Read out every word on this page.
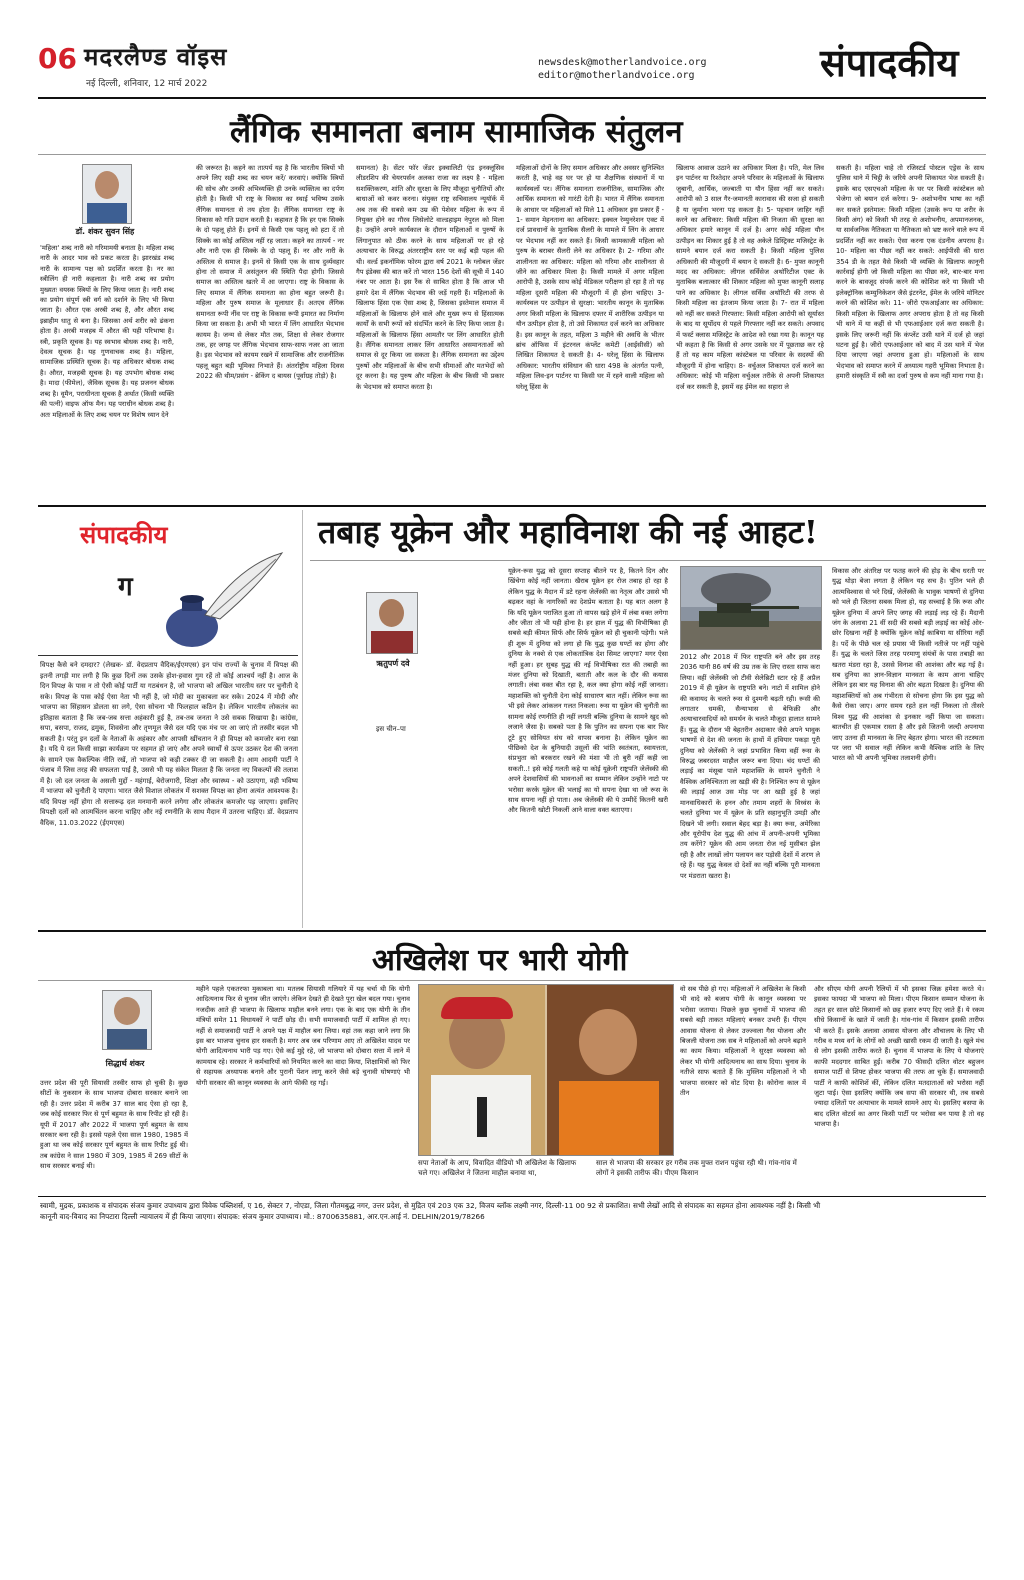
06 मदरलैण्ड वॉइस
नई दिल्ली, शनिवार, 12 मार्च 2022
newsdesk@motherlandvoice.org
editor@motherlandvoice.org	संपादकीय
लैंगिक समानता बनाम सामाजिक संतुलन
डॉ. शंकर सुवन सिंह
'महिला' शब्द नारी को गरिमामयी बनाता है। महिला शब्द नारी के आदर भाव को प्रकट करता है। झारखंड शब्द नारी के सामान्य पक्ष को प्रदर्शित करता है। नर का स्त्रीलिंग ही नारी कहलाता है। नारी शब्द का प्रयोग मुख्यतः वयस्क स्त्रियों के लिए किया जाता है। नारी शब्द का प्रयोग संपूर्ण स्त्री वर्ग को दर्शाने के लिए भी किया जाता है। औरत एक अरबी शब्द है, और औरत शब्द इब्राहीम धातु से बना है। जिसका अर्थ शरीर को ढंकना होता है। अरबी मजहब में औरत की यही परिभाषा है। स्त्री, प्रकृति सूचक है। यह स्वभाव बोधक शब्द है। नारी, देवत्व सूचक है। यह गुणवाचक शब्द है। महिला, सामाजिक प्रस्थिति सूचक है। यह अधिकार बोधक शब्द है। औरत, मजहबी सूचक है। यह उपभोग बोधक शब्द है। मादा (फीमेल), जैविक सूचक है। यह प्रजनन बोधक शब्द है। वूमैन, पराधीनता सूचक है अर्थात (किसी व्यक्ति की पत्नी) वाइफ ऑफ मैन। यह पराधीन बोधक शब्द है। अतः महिलाओं के लिए शब्द चयन पर विशेष ध्यान देने
की जरूरत है। कहने का तात्पर्य यह है कि भारतीय स्त्रियों भी अपने लिए सही शब्द का चयन करें/ करवाएं। क्योंकि स्त्रियों की सोच और उनकी अभिव्यक्ति ही उनके व्यक्तित्व का दर्पण होती है। किसी भी राष्ट्र के विकास का स्थाई भविष्य उसके लैंगिक समानता से तय होता है। लैंगिक समानता राष्ट्र के विकास को गति प्रदान करती है। कहावत है कि हर एक सिक्के के दो पहलू होते हैं। इनमें से किसी एक पहलू को हटा दें तो सिक्के का कोई अस्तित्व नहीं रह जाता। कहने का तात्पर्य - नर और नारी एक ही सिक्के के दो पहलू हैं। नर और नारी के अस्तित्व से समाज है। इनमें से किसी एक के साथ दुर्व्यवहार होना तो समाज में असंतुलन की स्थिति पैदा होगी। जिससे समाज का अस्तित्व खतरे में आ जाएगा। राष्ट्र के विकास के लिए समाज में लैंगिक समानता का होना बहुत जरूरी है। महिला और पुरुष समाज के मूलाधार हैं। अतएव लैंगिक समानता रूपी नींव पर राष्ट्र के विकास रूपी इमारत का निर्माण किया जा सकता है। अभी भी भारत में लिंग आधारित भेदभाव कायम है। जन्म से लेकर मौत तक, शिक्षा से लेकर रोजगार तक, हर जगह पर लैंगिक भेदभाव साफ-साफ नजर आ जाता है। इस भेदभाव को कायम रखने में सामाजिक और राजनीतिक पहलू बहुत बड़ी भूमिका निभाते हैं। अंतर्राष्ट्रीय महिला दिवस 2022 की थीम/प्रसंग - ब्रेकिंग द बायस (पूर्वाग्रह तोड़ो) है।
समानता) है। सेंटर फॉर जेंडर इक्वालिटी एंड इनक्लूसिव लीडरशिप की चेयरपर्सन अलका राजा का लक्ष्य है - महिला सशक्तिकरण, शांति और सुरक्षा के लिए मौजूदा चुनौतियों और बाधाओं को कवर करना। संयुक्त राष्ट्र सचिवालय न्यूयॉर्क में अब तक की सबसे कम उम्र की पेशेवर महिला के रूप में नियुक्त होने का गौरव लिसेलोटे वाल्डहाइम नेपुरल को मिला है। उन्होंने अपने कार्यकाल के दौरान महिलाओं व पुरुषों के लिंगानुपात को ठीक करने के साथ महिलाओं पर हो रहे अत्याचार के विरुद्ध अंतरराष्ट्रीय स्तर पर कई बड़ी पहल की थी। वर्ल्ड इकनॉमिक फोरम द्वारा वर्ष 2021 के ग्लोबल जेंडर गैप इंडेक्स की बात करें तो भारत 156 देशों की सूची में 140 नंबर पर आता है। इस रैंक से साबित होता है कि आज भी हमारे देश में लैंगिक भेदभाव की जड़ें गहरी हैं। महिलाओं के खिलाफ हिंसा एक ऐसा शब्द है, जिसका इस्तेमाल समाज में महिलाओं के खिलाफ होने वाले और मुख्य रूप से हिंसात्मक कार्यों के सभी रूपों को संदर्भित करने के लिए किया जाता है। महिलाओं के खिलाफ हिंसा आमतौर पर लिंग आधारित होती है। लैंगिक समानता लाकर लिंग आधारित असमानताओं को समाज से दूर किया जा सकता है। लैंगिक समानता का उद्देश्य पुरुषों और महिलाओं के बीच सभी सीमाओं और मतभेदों को दूर करना है। यह पुरुष और महिला के बीच किसी भी प्रकार के भेदभाव को समाप्त करता है।
महिलाओं दोनों के लिए समान अधिकार और अवसर सुनिश्चित करती है, चाहे वह घर पर हो या शैक्षणिक संस्थानों में या कार्यस्थलों पर। लैंगिक समानता राजनीतिक, सामाजिक और आर्थिक समानता को गारंटी देती है। भारत में लैंगिक समानता के आधार पर महिलाओं को मिले 11 अधिकार इस प्रकार हैं - 1- समान मेहनताना का अधिकार: इक्वल रेम्युनरेशन एक्ट में दर्ज प्रावधानों के मुताबिक सैलरी के मामले में लिंग के आधार पर भेदभाव नहीं कर सकते हैं। किसी कामकाजी महिला को पुरुष के बराबर सैलरी लेने का अधिकार है। 2- गरिमा और शालीनता का अधिकार: महिला को गरिमा और शालीनता से जीने का अधिकार मिला है। किसी मामले में अगर महिला आरोपी है, उसके साथ कोई मेडिकल परीक्षण हो रहा है तो यह महिला दूसरी महिला की मौजूदगी में ही होना चाहिए। 3- कार्यस्थल पर उत्पीड़न से सुरक्षा: भारतीय कानून के मुताबिक अगर किसी महिला के खिलाफ दफ्तर में शारीरिक उत्पीड़न या यौन उत्पीड़न होता है, तो उसे शिकायत दर्ज करने का अधिकार है। इस कानून के तहत, महिला 3 महीने की अवधि के भीतर ब्रांच ऑफिस में इंटरनल कंप्लेंट कमेटी (आईसीसी) को लिखित शिकायत दे सकती है। 4- घरेलू हिंसा के खिलाफ अधिकार: भारतीय संविधान की धारा 498 के अंतर्गत पत्नी, महिला लिव-इन पार्टनर या किसी घर में रहने वाली महिला को घरेलू हिंसा के
खिलाफ आवाज उठाने का अधिकार मिला है। पति, मेल लिव इन पार्टनर या रिश्तेदार अपने परिवार के महिलाओं के खिलाफ जुबानी, आर्थिक, जज्बाती या यौन हिंसा नहीं कर सकते। आरोपी को 3 साल गैर-जमानती कारावास की सजा हो सकती है या जुर्माना भरना पड़ सकता है। 5- पहचान जाहिर नहीं करने का अधिकार: किसी महिला की निजता की सुरक्षा का अधिकार हमारे कानून में दर्ज है। अगर कोई महिला यौन उत्पीड़न का शिकार हुई है तो वह अकेले डिस्ट्रिक्ट मजिस्ट्रेट के सामने बयान दर्ज करा सकती है। किसी महिला पुलिस अधिकारी की मौजूदगी में बयान दे सकती है। 6- मुफ्त कानूनी मदद का अधिकार: लीगल सर्विसेज अथॉरिटीज एक्ट के मुताबिक बलात्कार की शिकार महिला को मुफ्त कानूनी सलाह पाने का अधिकार है। लीगल सर्विस अथॉरिटी की तरफ से किसी महिला का इंतजाम किया जाता है। 7- रात में महिला को नहीं कर सकते गिरफ्तार: किसी महिला आरोपी को सूर्यास्त के बाद या सूर्योदय से पहले गिरफ्तार नहीं कर सकते। अपवाद में फर्स्ट क्लास मजिस्ट्रेट के आदेश को रखा गया है। कानून यह भी कहता है कि किसी से अगर उसके घर में पूछताछ कर रहे हैं तो यह काम महिला कांस्टेबल या परिवार के सदस्यों की मौजूदगी में होना चाहिए। 8- वर्चुअल शिकायत दर्ज करने का अधिकार: कोई भी महिला वर्चुअल तरीके से अपनी शिकायत दर्ज कर सकती है, इसमें वह ईमेल का सहारा ले
सकती है। महिला चाहे तो रजिस्टर्ड पोस्टल एड्रेस के साथ पुलिस थाने में चिट्ठी के जरिये अपनी शिकायत भेज सकती है। इसके बाद एसएचओ महिला के घर पर किसी कांस्टेबल को भेजेगा जो बयान दर्ज करेगा। 9- अशोभनीय भाषा का नहीं कर सकते इस्तेमाल: किसी महिला (उसके रूप या शरीर के किसी अंग) को किसी भी तरह से अशोभनीय, अपमानजनक, या सार्वजनिक नैतिकता या नैतिकता को भ्रष्ट करने वाले रूप में प्रदर्शित नहीं कर सकते। ऐसा करना एक दंडनीय अपराध है। 10- महिला का पीछा नहीं कर सकते: आईपीसी की धारा 354 डी के तहत वैसे किसी भी व्यक्ति के खिलाफ कानूनी कार्रवाई होगी जो किसी महिला का पीछा करे, बार-बार मना करने के बावजूद संपर्क करने की कोशिश करे या किसी भी इलेक्ट्रॉनिक कम्युनिकेशन जैसे इंटरनेट, ईमेल के जरिये मॉनिटर करने की कोशिश करे। 11- जीरो एफआईआर का अधिकार: किसी महिला के खिलाफ अगर अपराध होता है तो वह किसी भी थाने में या कहीं से भी एफआईआर दर्ज करा सकती है। इसके लिए जरूरी नहीं कि कंप्लेंट उसी थाने में दर्ज हो जहां घटना हुई है। जीरो एफआईआर को बाद में उस थाने में भेज दिया जाएगा जहां अपराध हुआ हो। महिलाओं के साथ भेदभाव को समाप्त करने में अध्यात्म गहरी भूमिका निभाता है। हमारी संस्कृति में स्त्री का दर्जा पुरुष से कम नहीं माना गया है।
संपादकीय
ग
विपक्ष कैसे बने दमदार? (लेखक- डॉ. वेदप्रताप वैदिक/ईएमएस) इन पांच राज्यों के चुनाव में विपक्ष की इतनी तगड़ी मार लगी है कि कुछ दिनों तक उसके होश-हवास गुम रहें तो कोई आश्चर्य नहीं है। आज के दिन विपक्ष के पास न तो ऐसी कोई पार्टी या गठबंधन है, जो भाजपा को अखिल भारतीय स्तर पर चुनौती दे सके। विपक्ष के पास कोई ऐसा नेता भी नहीं है, जो मोदी का मुकाबला कर सके। 2024 में मोदी और भाजपा का सिंहासन डोलता सा लगे, ऐसा सोचना भी फिलहाल कठिन है। लेकिन भारतीय लोकतंत्र का इतिहास बताता है कि जब-जब सत्ता अहंकारी हुई है, तब-तब जनता ने उसे सबक सिखाया है। कांग्रेस, सपा, बसपा, राजद, द्रमुक, शिवसेना और तृणमूल जैसे दल यदि एक मंच पर आ जाएं तो तस्वीर बदल भी सकती है। परंतु इन दलों के नेताओं के अहंकार और आपसी खींचतान ने ही विपक्ष को कमजोर बना रखा है। यदि ये दल किसी साझा कार्यक्रम पर सहमत हो जाएं और अपने स्वार्थों से ऊपर उठकर देश की जनता के सामने एक वैकल्पिक नीति रखें, तो भाजपा को कड़ी टक्कर दी जा सकती है। आम आदमी पार्टी ने पंजाब में जिस तरह की सफलता पाई है, उससे भी यह संकेत मिलता है कि जनता नए विकल्पों की तलाश में है। जो दल जनता के असली मुद्दों - महंगाई, बेरोजगारी, शिक्षा और स्वास्थ्य - को उठाएगा, वही भविष्य में भाजपा को चुनौती दे पाएगा। भारत जैसे विशाल लोकतंत्र में सशक्त विपक्ष का होना अत्यंत आवश्यक है। यदि विपक्ष नहीं होगा तो सत्तारूढ़ दल मनमानी करने लगेगा और लोकतंत्र कमजोर पड़ जाएगा। इसलिए विपक्षी दलों को आत्मचिंतन करना चाहिए और नई रणनीति के साथ मैदान में उतरना चाहिए। डॉ. वेदप्रताप वैदिक, 11.03.2022 (ईएमएस)
तबाह यूक्रेन और महाविनाश की नई आहट!
ऋतुपर्ण दवे
इस चीन–पा
यूक्रेन-रूस युद्ध को दूसरा सप्ताह बीतने पर है, कितने दिन और खिंचेगा कोई नहीं जानता। खैराब यूक्रेन हर रोज तबाह हो रहा है लेकिन युद्ध के मैदान में डटे रहना जेलेंस्की का नेतृत्व और उससे भी बढ़कर वहां के नागरिकों का देशप्रेम बताता है। यह बात अलग है कि यदि यूक्रेन पराजित हुआ तो वापस खड़े होने में लंबा वक्त लगेगा और जीता तो भी यही होना है। हर हाल में युद्ध की विभीषिका ही सबसे बड़ी कीमत सिर्फ और सिर्फ यूक्रेन को ही चुकानी पड़ेगी। भले ही शुरू में दुनिया को लगा हो कि युद्ध कुछ घण्टों का होगा और दुनिया के नक्शे से एक लोकतांत्रिक देश सिमट जाएगा? मगर ऐसा नहीं हुआ। हर सुबह युद्ध की नई विभीषिका रात की तबाही का मंजर दुनिया को दिखाती, बताती और कल के दौर की कयास लगाती। लंबा वक्त बीत रहा है, कल क्या होगा कोई नहीं जानता। महाशक्ति को चुनौती देना कोई साधारण बात नहीं। लेकिन रूस का भी इसे लेकर आंकलन गलत निकला। रूस या यूक्रेन की चुनौती का सामना कोई रणनीति ही नहीं लगती बल्कि दुनिया के सामने खुद को लजाने जैसा है। सबको पता है कि पुतिन का सपना एक बार फिर टूटे हुए सोवियत संघ को वापस बनाना है। लेकिन यूक्रेन का पीछिको देश के बुनियादी उसूलों की भांति स्वतंत्रता, स्वायत्तता, संप्रभुता को बरकरार रखने की मंशा भी तो बुरी नहीं कही जा सकती..! इसे कोई गलती कहे या कोई यूक्रेनी राष्ट्रपति जेलेंस्की की अपने देशवासियों की भावनाओं का सम्मान लेकिन उन्होंने नाटो पर भरोसा करके यूक्रेन की भलाई का यो सपना देखा था जो रूस के साथ सपना नहीं हो पाता। अब जेलेंस्की की ये उम्मीदें कितनी खरी और कितनी खोटी निकलीं आने वाला वक्त बताएगा।
2012 और 2018 में फिर राष्ट्रपति बने और इस तरह 2036 यानी 86 वर्ष की उम्र तक के लिए रास्ता साफ करा लिया। वहीं जेलेंस्की जो टीवी सेलेब्रिटी स्टार रहे हैं अप्रैल 2019 में ही यूक्रेन के राष्ट्रपति बने। नाटो में शामिल होने की कवायद के चलते रूस से दुश्मनी बढ़ती रही। रूसी की लगातार धमकी, सैन्याभास से बेफिक्री और अत्याचारवादियों को समर्थन के चलते मौजूदा हालात सामने हैं। युद्ध के दौरान भी बेहतरीन अदाकार जैसे अपने भावुक भाषणों से देश की जनता के हाथों में हथियार पकड़ा पूरी दुनिया को जेलेंस्की ने जहां प्रभावित किया वहीं रूस के विरुद्ध जबरदस्त माहौल जरूर बना दिया। चंद घण्टों की लड़ाई का मंसूबा पाले महाशक्ति के सामने चुनौती ने वैश्विक अनिश्चितता ला खड़ी की है। निश्चित रूप से यूक्रेन की लड़ाई आज उस मोड़ पर आ खड़ी हुई है जहां मानवाधिकारों के हनन और तमाम शहरों के विध्वंस के चलते दुनिया भर में यूक्रेन के प्रति सहानुभूति उमड़ी और दिखने भी लगी। सवाल बेहद बड़ा है। क्या रूस, अमेरिका और यूरोपीय देश युद्ध की आंच में अपनी-अपनी भूमिका तय करेंगे? यूक्रेन की आम जनता रोज नई मुसीबत झेल रही है और लाखों लोग पलायन कर पड़ोसी देशों में शरण ले रहे हैं। यह युद्ध केवल दो देशों का नहीं बल्कि पूरी मानवता पर मंडराता खतरा है।
विकास और अंतरिक्ष पर फतह करने की होड़ के बीच धरती पर युद्ध थोड़ा बेजा लगता है लेकिन यह सच है। पुतिन भले ही आत्मविश्वास से भरे दिखें, जेलेंस्की के भावुक भाषणों से दुनिया को भले ही जितना सबक मिला हो, यह सच्चाई है कि रूस और यूक्रेन दुनिया में अपने लिए जगह की लड़ाई लड़ रहे हैं। मैदानी जंग के अलावा 21 वीं सदी की सबसे बड़ी लड़ाई का कोई ओर-छोर दिखना नहीं है क्योंकि यूक्रेन कोई काबिया या सीरिया नहीं है। पर्दे के पीछे चल रहे प्रयास भी किसी नतीजे पर नहीं पहुंचे हैं। युद्ध के चलते जिस तरह परमाणु संयंत्रों के पास तबाही का खतरा मंडरा रहा है, उससे विनाश की आशंका और बढ़ गई है। सब दुनिया का ज्ञान-विज्ञान मानवता के काम आना चाहिए लेकिन इस बार यह विनाश की ओर बढ़ता दिखता है। दुनिया की महाशक्तियों को अब गंभीरता से सोचना होगा कि इस युद्ध को कैसे रोका जाए। अगर समय रहते हल नहीं निकला तो तीसरे विश्व युद्ध की आशंका से इनकार नहीं किया जा सकता। बातचीत ही एकमात्र रास्ता है और इसे जितनी जल्दी अपनाया जाए उतना ही मानवता के लिए बेहतर होगा। भारत की तटस्थता पर जरा भी सवाल नहीं लेकिन कभी वैश्विक शांति के लिए भारत को भी अपनी भूमिका तलाशनी होगी।
अखिलेश पर भारी योगी
सिद्धार्थ शंकर
उत्तर प्रदेश की पूरी सियासी तस्वीर साफ हो चुकी है। कुछ सीटों के नुकसान के साथ भाजपा दोबारा सरकार बनाने जा रही है। उत्तर प्रदेश में करीब 37 साल बाद ऐसा हो रहा है, जब कोई सरकार फिर से पूर्ण बहुमत के साथ रिपीट हो रही है। यूपी में 2017 और 2022 में भाजपा पूर्ण बहुमत के साथ सरकार बना रही है। इससे पहले ऐसा साल 1980, 1985 में हुआ था जब कोई सरकार पूर्ण बहुमत के साथ रिपीट हुई थी। तब कांग्रेस ने साल 1980 में 309, 1985 में 269 सीटों के साथ सरकार बनाई थी।
महीने पहले एकतरफा मुकाबला था। मतलब सियासी गलियारे में यह चर्चा थी कि योगी आदित्यनाथ फिर से चुनाव जीत जाएंगे। लेकिन देखते ही देखते पूरा खेल बदल गया। चुनाव नजदीक आते ही भाजपा के खिलाफ माहौल बनने लगा। एक के बाद एक योगी के तीन मंत्रियों समेत 11 विधायकों ने पार्टी छोड़ दी। सभी समाजवादी पार्टी में शामिल हो गए। नहीं से समाजवादी पार्टी ने अपने पक्ष में माहौल बना लिया। वहां तक कहा जाने लगा कि इस बार भाजपा चुनाव हार सकती है। मगर अब जब परिणाम आए तो अखिलेश यादव पर योगी आदित्यनाथ भारी पड़ गए। ऐसे कई मुद्दे रहे, जो भाजपा को दोबारा सत्ता में लाने में कामयाब रहे। सरकार ने कर्मचारियों को नियमित करने का वादा किया, शिक्षामित्रों को फिर से सहायक अध्यापक बनाने और पुरानी पेंशन लागू करने जैसे बड़े चुनावी घोषणाएं भी योगी सरकार की कानून व्यवस्था के आगे फीकी रह गईं।
सपा नेताओं के आप, विवादित वीडियो भी अखिलेश के खिलाफ चले गए। अखिलेश ने जितना माहौल बनाया था,
साल से भाजपा की सरकार हर गरीब तक मुफ्त राशन पहुंचा रही थी। गांव-गांव में लोगों ने इसकी तारीफ की। पीएम किसान
वो सब पीछे हो गए। महिलाओं ने अखिलेश के किसी भी वादे को बजाय योगी के कानून व्यवस्था पर भरोसा जताया। पिछले कुछ चुनावों में भाजपा की सबसे बड़ी ताकत महिलाएं बनकर उभरी हैं। पीएम आवास योजना से लेकर उज्ज्वला गैस योजना और बिजली योजना तक सब ने महिलाओं को अपने बढ़ाने का काम किया। महिलाओं ने सुरक्षा व्यवस्था को लेकर भी योगी आदित्यनाथ का साथ दिया। चुनाव के नतीजे साफ बताते हैं कि मुस्लिम महिलाओं ने भी भाजपा सरकार को वोट दिया है। कोरोना काल में तीन
और सीएम योगी अपनी रैलियों में भी इसका जिक्र हमेशा करते थे। इसका फायदा भी भाजपा को मिला। पीएम किसान सम्मान योजना के तहत हर साल छोटे किसानों को छह हजार रुपए दिए जाते हैं। ये रकम सीधे किसानों के खाते में जाती है। गांव-गांव में किसान इसकी तारीफ भी करते हैं। इसके अलावा आवास योजना और शौचालय के लिए भी गरीब व मध्य वर्ग के लोगों को अच्छी खासी रकम दी जाती है। खुले मंच से लोग इसकी तारीफ करते हैं। चुनाव में भाजपा के लिए ये योजनाएं काफी मददगार साबित हुईं। करीब 70 फीसदी दलित वोटर बहुजन समाज पार्टी से शिफ्ट होकर भाजपा की तरफ आ चुके हैं। समाजवादी पार्टी ने काफी कोशिशें कीं, लेकिन दलित मतदाताओं को भरोसा नहीं जुटा पाई। ऐसा इसलिए क्योंकि जब सपा की सरकार थी, तब सबसे ज्यादा दलितों पर अत्याचार के मामले सामने आए थे। इसलिए बसपा के बाद दलित वोटर्स का अगर किसी पार्टी पर भरोसा बन पाया है तो वह भाजपा है।
स्वामी, मुद्रक, प्रकाशक व संपादक संजय कुमार उपाध्याय द्वारा विवेक पब्लिशर्स, ए 16, सेक्टर 7, नोएडा, जिला गौतमबुद्ध नगर, उत्तर प्रदेश, से मुद्रित एवं 203 एक 32, विजय ब्लॉक लक्ष्मी नगर, दिल्ली-11 00 92 से प्रकाशित। सभी लेखों आदि से संपादक का सहमत होना आवश्यक नहीं है। किसी भी
कानूनी वाद-विवाद का निपटारा दिल्ली न्यायालय में ही किया जाएगा। संपादक: संजय कुमार उपाध्याय। मो.: 8700635881, आर.एन.आई नं. DELHIN/2019/78266
